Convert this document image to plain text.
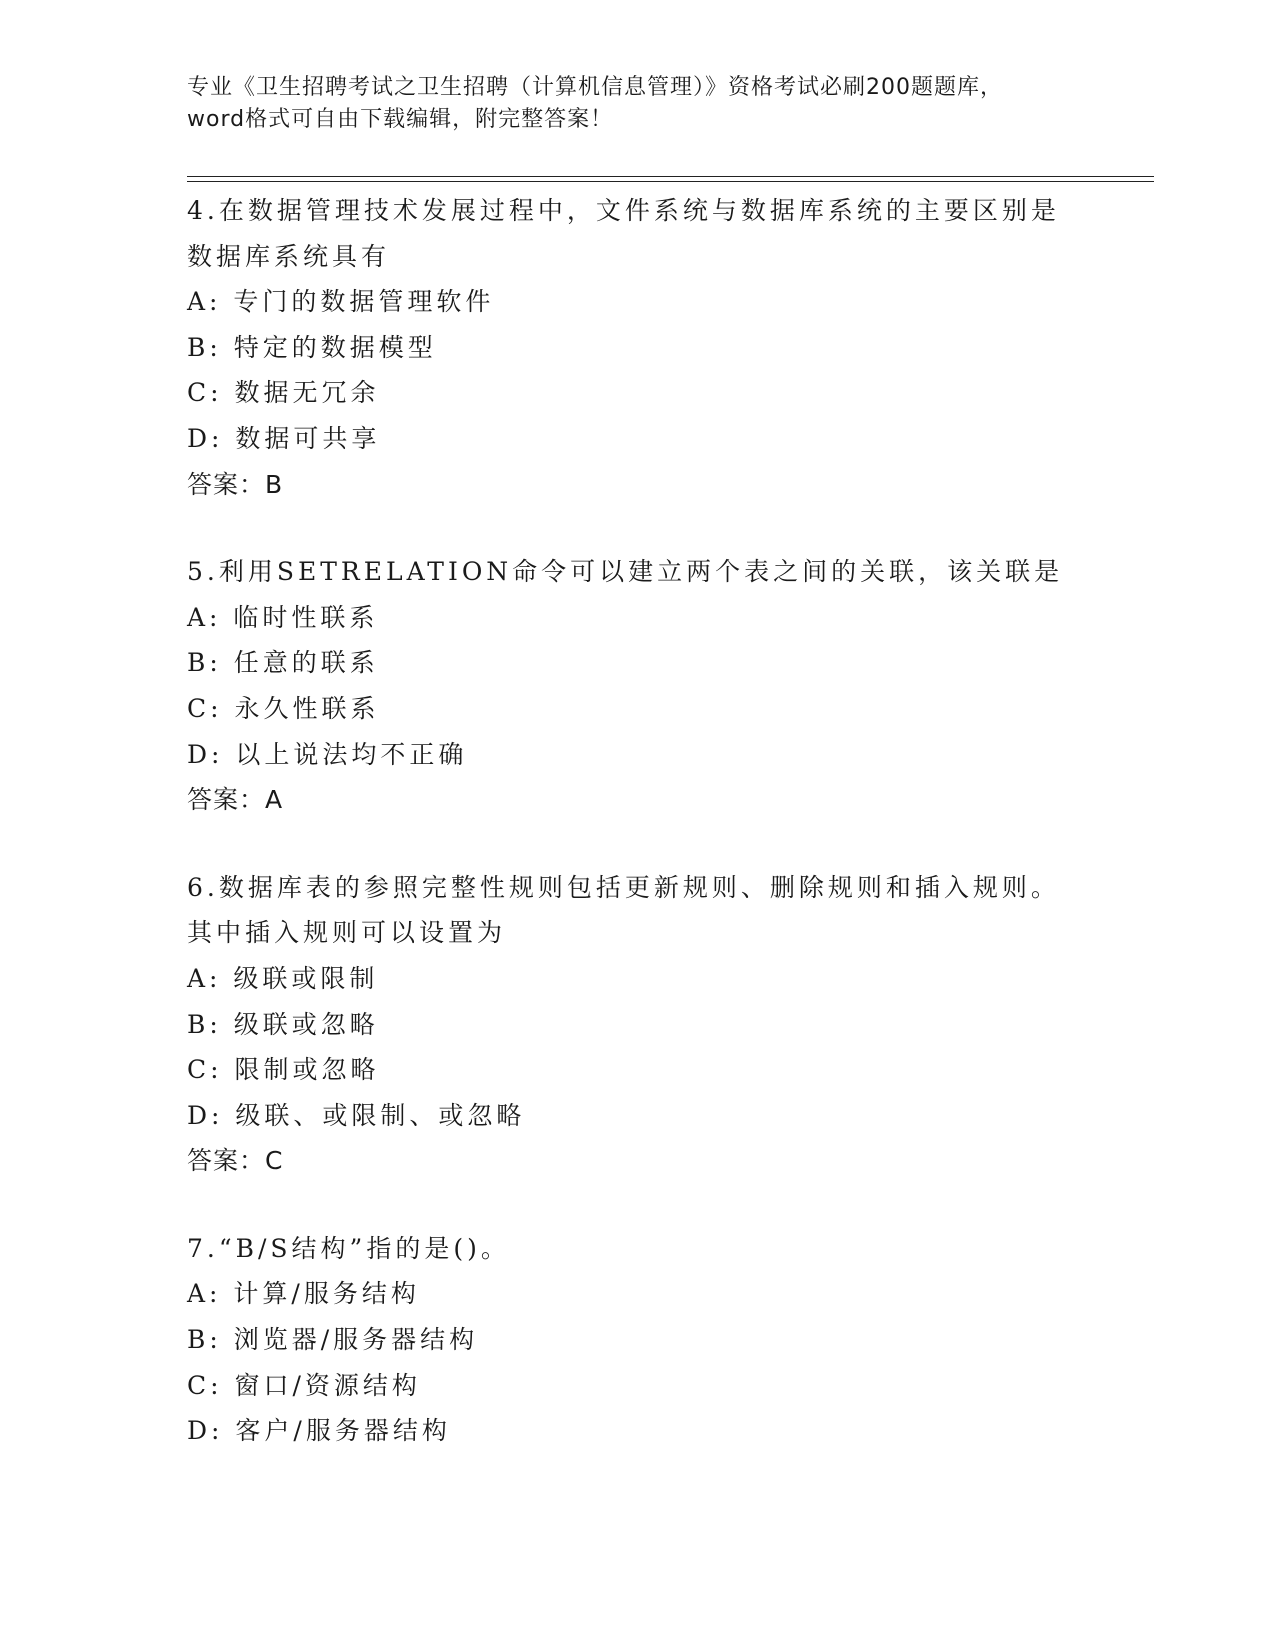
专业《卫生招聘考试之卫生招聘（计算机信息管理）》资格考试必刷200题题库，
word格式可自由下载编辑，附完整答案！
4.在数据管理技术发展过程中，文件系统与数据库系统的主要区别是
数据库系统具有
A: 专门的数据管理软件
B: 特定的数据模型
C: 数据无冗余
D: 数据可共享
答案：B
5.利用SETRELATION命令可以建立两个表之间的关联，该关联是
A: 临时性联系
B: 任意的联系
C: 永久性联系
D: 以上说法均不正确
答案：A
6.数据库表的参照完整性规则包括更新规则、删除规则和插入规则。
其中插入规则可以设置为
A: 级联或限制
B: 级联或忽略
C: 限制或忽略
D: 级联、或限制、或忽略
答案：C
7.“B/S结构”指的是()。
A: 计算/服务结构
B: 浏览器/服务器结构
C: 窗口/资源结构
D: 客户/服务器结构
